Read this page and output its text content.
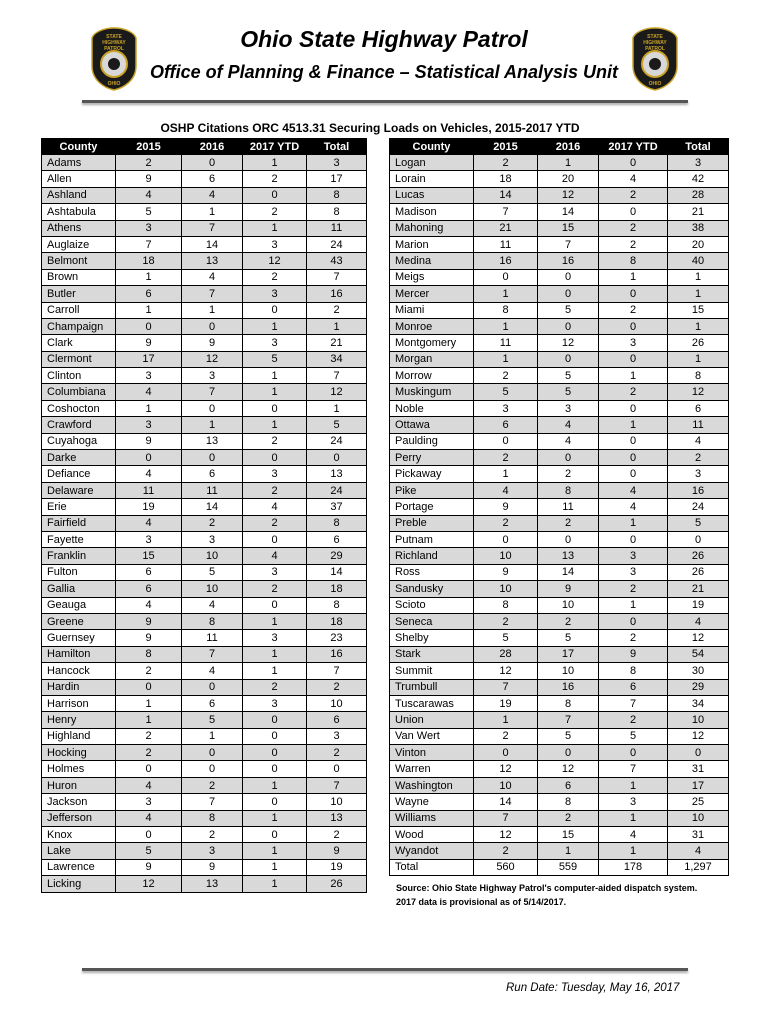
STATE
HIGHWAY
PATROL
OHIO
STATE
HIGHWAY
PATROL
OHIO
Ohio State Highway Patrol
Office of Planning & Finance – Statistical Analysis Unit
OSHP Citations ORC 4513.31 Securing Loads on Vehicles, 2015-2017 YTD
County	2015	2016	2017 YTD	Total
Adams	2	0	1	3
Allen	9	6	2	17
Ashland	4	4	0	8
Ashtabula	5	1	2	8
Athens	3	7	1	11
Auglaize	7	14	3	24
Belmont	18	13	12	43
Brown	1	4	2	7
Butler	6	7	3	16
Carroll	1	1	0	2
Champaign	0	0	1	1
Clark	9	9	3	21
Clermont	17	12	5	34
Clinton	3	3	1	7
Columbiana	4	7	1	12
Coshocton	1	0	0	1
Crawford	3	1	1	5
Cuyahoga	9	13	2	24
Darke	0	0	0	0
Defiance	4	6	3	13
Delaware	11	11	2	24
Erie	19	14	4	37
Fairfield	4	2	2	8
Fayette	3	3	0	6
Franklin	15	10	4	29
Fulton	6	5	3	14
Gallia	6	10	2	18
Geauga	4	4	0	8
Greene	9	8	1	18
Guernsey	9	11	3	23
Hamilton	8	7	1	16
Hancock	2	4	1	7
Hardin	0	0	2	2
Harrison	1	6	3	10
Henry	1	5	0	6
Highland	2	1	0	3
Hocking	2	0	0	2
Holmes	0	0	0	0
Huron	4	2	1	7
Jackson	3	7	0	10
Jefferson	4	8	1	13
Knox	0	2	0	2
Lake	5	3	1	9
Lawrence	9	9	1	19
Licking	12	13	1	26
County	2015	2016	2017 YTD	Total
Logan	2	1	0	3
Lorain	18	20	4	42
Lucas	14	12	2	28
Madison	7	14	0	21
Mahoning	21	15	2	38
Marion	11	7	2	20
Medina	16	16	8	40
Meigs	0	0	1	1
Mercer	1	0	0	1
Miami	8	5	2	15
Monroe	1	0	0	1
Montgomery	11	12	3	26
Morgan	1	0	0	1
Morrow	2	5	1	8
Muskingum	5	5	2	12
Noble	3	3	0	6
Ottawa	6	4	1	11
Paulding	0	4	0	4
Perry	2	0	0	2
Pickaway	1	2	0	3
Pike	4	8	4	16
Portage	9	11	4	24
Preble	2	2	1	5
Putnam	0	0	0	0
Richland	10	13	3	26
Ross	9	14	3	26
Sandusky	10	9	2	21
Scioto	8	10	1	19
Seneca	2	2	0	4
Shelby	5	5	2	12
Stark	28	17	9	54
Summit	12	10	8	30
Trumbull	7	16	6	29
Tuscarawas	19	8	7	34
Union	1	7	2	10
Van Wert	2	5	5	12
Vinton	0	0	0	0
Warren	12	12	7	31
Washington	10	6	1	17
Wayne	14	8	3	25
Williams	7	2	1	10
Wood	12	15	4	31
Wyandot	2	1	1	4
Total	560	559	178	1,297
Source: Ohio State Highway Patrol's computer-aided dispatch system. 2017 data is provisional as of 5/14/2017.
Run Date: Tuesday, May 16, 2017
